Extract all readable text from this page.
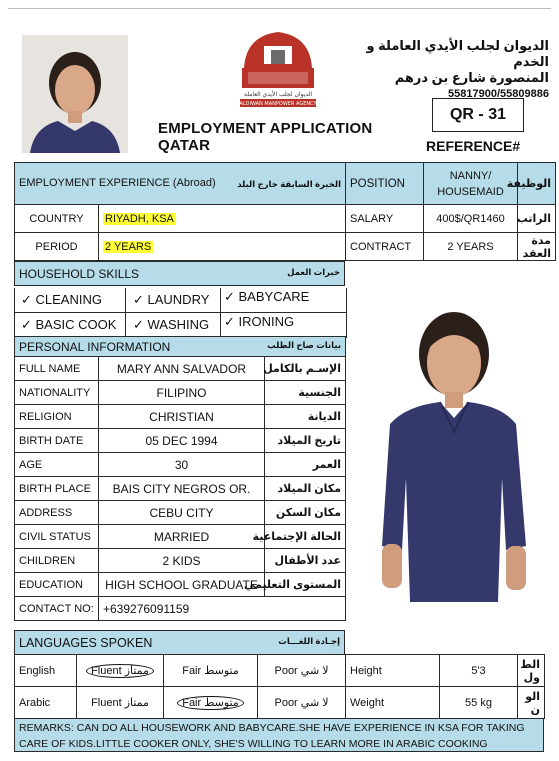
الديوان لجلب الأيدي العاملة
ALDIWAN MANPOWER AGENCY
الديوان لجلب الأيدي العاملة و الخدم
المنصورة شارع بن درهم
55817900/55809886
EMPLOYMENT APPLICATION QATAR
QR - 31
REFERENCE#
EMPLOYMENT EXPERIENCE (Abroad) الخبرة السابقة خارج البلد		POSITION	NANNY/ HOUSEMAID	الوظيفة
COUNTRY	RIYADH, KSA	SALARY	400$/QR1460	الراتب
PERIOD	2 YEARS	CONTRACT	2 YEARS	مدة العقد
HOUSEHOLD SKILLS	خبرات العمل
✓ CLEANING ✓ LAUNDRY ✓ BABYCARE
✓ BASIC COOK ✓ WASHING ✓ IRONING
PERSONAL INFORMATION بيانات صاح الطلب		

FULL NAME	MARY ANN SALVADOR	الإسـم بالكامل
NATIONALITY	FILIPINO	الجنسية
RELIGION	CHRISTIAN	الديانة
BIRTH DATE	05 DEC 1994	تاريخ الميلاد
AGE	30	العمر
BIRTH PLACE	BAIS CITY NEGROS OR.	مكان الميلاد
ADDRESS	CEBU CITY	مكان السكن
CIVIL STATUS	MARRIED	الحالة الإجتماعية
CHILDREN	2 KIDS	عدد الأطفال
EDUCATION	HIGH SCHOOL GRADUATE	المستوى التعليمي
CONTACT NO:	+639276091159	
LANGUAGES SPOKEN	إجـادة اللغـــات
English	Fluent ممتاز	Fair متوسط	Poor لا شي	Height	5'3	الط ول
Arabic	Fluent ممتاز	Fair متوسط	Poor لا شي	Weight	55 kg	الو ن
REMARKS: CAN DO ALL HOUSEWORK AND BABYCARE.SHE HAVE EXPERIENCE IN KSA FOR TAKING CARE OF KIDS.LITTLE COOKER ONLY, SHE'S WILLING TO LEARN MORE IN ARABIC COOKING
